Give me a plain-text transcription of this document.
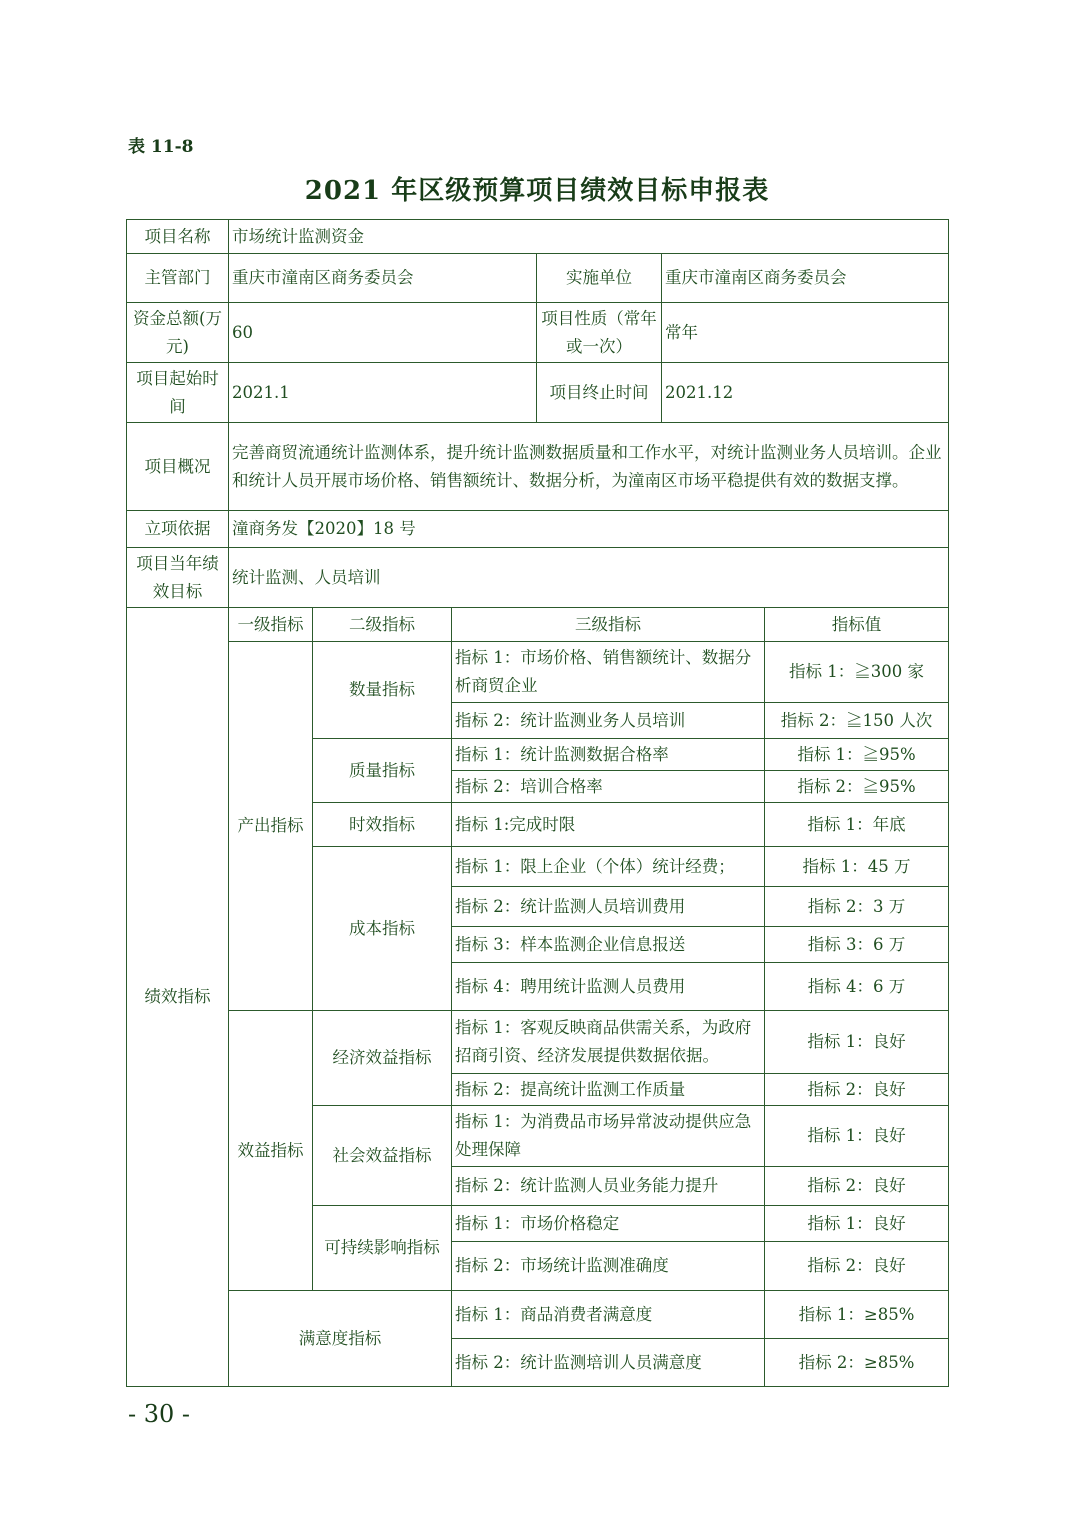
表 11-8
2021 年区级预算项目绩效目标申报表
项目名称	市场统计监测资金					
主管部门	重庆市潼南区商务委员会			实施单位	重庆市潼南区商务委员会	
资金总额(万元)	60			项目性质（常年或一次）	常年	
项目起始时间	2021.1			项目终止时间	2021.12	
项目概况	完善商贸流通统计监测体系，提升统计监测数据质量和工作水平，对统计监测业务人员培训。企业和统计人员开展市场价格、销售额统计、数据分析，为潼南区市场平稳提供有效的数据支撑。					
立项依据	潼商务发【2020】18 号					
项目当年绩效目标	统计监测、人员培训					
绩效指标	一级指标	二级指标	三级指标			指标值
	产出指标	数量指标	指标 1：市场价格、销售额统计、数据分析商贸企业			指标 1：≧300 家
			指标 2：统计监测业务人员培训			指标 2：≧150 人次
		质量指标	指标 1：统计监测数据合格率			指标 1：≧95%
			指标 2：培训合格率			指标 2：≧95%
		时效指标	指标 1:完成时限			指标 1：年底
		成本指标	指标 1：限上企业（个体）统计经费；			指标 1：45 万
			指标 2：统计监测人员培训费用			指标 2：3 万
			指标 3：样本监测企业信息报送			指标 3：6 万
			指标 4：聘用统计监测人员费用			指标 4：6 万
	效益指标	经济效益指标	指标 1：客观反映商品供需关系，为政府招商引资、经济发展提供数据依据。			指标 1：良好
			指标 2：提高统计监测工作质量			指标 2：良好
		社会效益指标	指标 1：为消费品市场异常波动提供应急处理保障			指标 1：良好
			指标 2：统计监测人员业务能力提升			指标 2：良好
		可持续影响指标	指标 1：市场价格稳定			指标 1：良好
			指标 2：市场统计监测准确度			指标 2：良好
	满意度指标		指标 1：商品消费者满意度			指标 1：≥85%
			指标 2：统计监测培训人员满意度			指标 2：≥85%
- 30 -
